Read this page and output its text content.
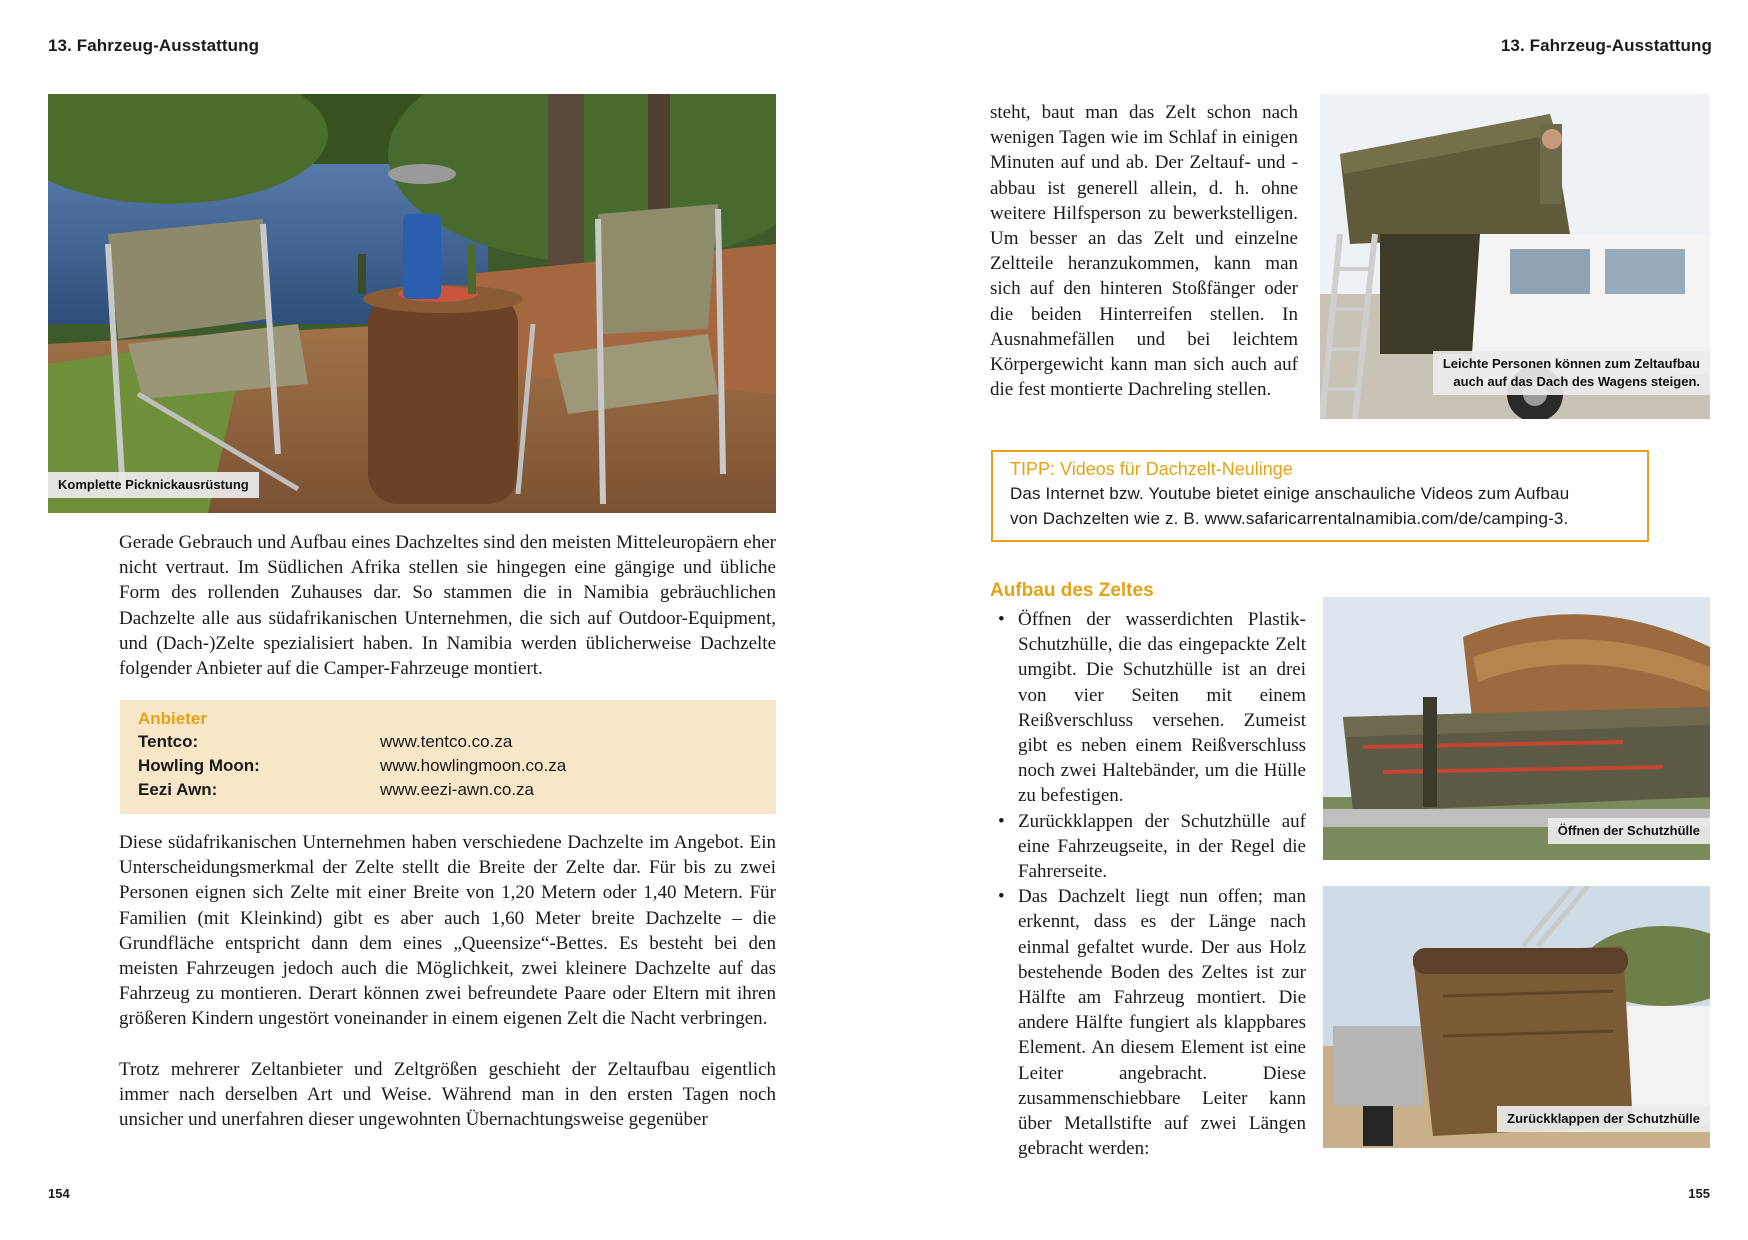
13. Fahrzeug-Ausstattung	13. Fahrzeug-Ausstattung
Komplette Picknickausrüstung

Gerade Gebrauch und Aufbau eines Dachzeltes sind den meisten Mitteleuropäern eher nicht vertraut. Im Südlichen Afrika stellen sie hingegen eine gängige und übliche Form des rollenden Zuhauses dar. So stammen die in Namibia gebräuchlichen Dachzelte alle aus südafrikanischen Unternehmen, die sich auf Outdoor-Equipment, und (Dach-)Zelte spezialisiert haben. In Namibia werden üblicherweise Dachzelte folgender Anbieter auf die Camper-Fahrzeuge montiert.

Anbieter
Tentco:	www.tentco.co.za
Howling Moon:	www.howlingmoon.co.za
Eezi Awn:	www.eezi-awn.co.za

Diese südafrikanischen Unternehmen haben verschiedene Dachzelte im Angebot. Ein Unterscheidungsmerkmal der Zelte stellt die Breite der Zelte dar. Für bis zu zwei Personen eignen sich Zelte mit einer Breite von 1,20 Metern oder 1,40 Metern. Für Familien (mit Kleinkind) gibt es aber auch 1,60 Meter breite Dachzelte – die Grundfläche entspricht dann dem eines „Queensize“-Bettes. Es besteht bei den meisten Fahrzeugen jedoch auch die Möglichkeit, zwei kleinere Dachzelte auf das Fahrzeug zu montieren. Derart können zwei befreundete Paare oder Eltern mit ihren größeren Kindern ungestört voneinander in einem eigenen Zelt die Nacht verbringen.

Trotz mehrerer Zeltanbieter und Zeltgrößen geschieht der Zeltaufbau eigentlich immer nach derselben Art und Weise. Während man in den ersten Tagen noch unsicher und unerfahren dieser ungewohnten Übernachtungsweise gegenüber

steht, baut man das Zelt schon nach wenigen Tagen wie im Schlaf in einigen Minuten auf und ab. Der Zeltauf- und -abbau ist generell allein, d. h. ohne weitere Hilfsperson zu bewerkstelligen. Um besser an das Zelt und einzelne Zeltteile heranzukommen, kann man sich auf den hinteren Stoßfänger oder die beiden Hinterreifen stellen. In Ausnahmefällen und bei leichtem Körpergewicht kann man sich auch auf die fest montierte Dachreling stellen.

Leichte Personen können zum Zeltaufbau
auch auf das Dach des Wagens steigen.
TIPP: Videos für Dachzelt-Neulinge
Das Internet bzw. Youtube bietet einige anschauliche Videos zum Aufbau
von Dachzelten wie z. B. www.safaricarrentalnamibia.com/de/camping-3.
Aufbau des Zeltes
• Öffnen der wasserdichten Plastik-Schutzhülle, die das eingepackte Zelt umgibt. Die Schutzhülle ist an drei von vier Seiten mit einem Reißverschluss versehen. Zumeist gibt es neben einem Reißverschluss noch zwei Haltebänder, um die Hülle zu befestigen.
• Zurückklappen der Schutzhülle auf eine Fahrzeugseite, in der Regel die Fahrerseite.
• Das Dachzelt liegt nun offen; man erkennt, dass es der Länge nach einmal gefaltet wurde. Der aus Holz bestehende Boden des Zeltes ist zur Hälfte am Fahrzeug montiert. Die andere Hälfte fungiert als klappbares Element. An diesem Element ist eine Leiter angebracht. Diese zusammenschiebbare Leiter kann über Metallstifte auf zwei Längen gebracht werden:
Öffnen der Schutzhülle
Zurückklappen der Schutzhülle
154	155
